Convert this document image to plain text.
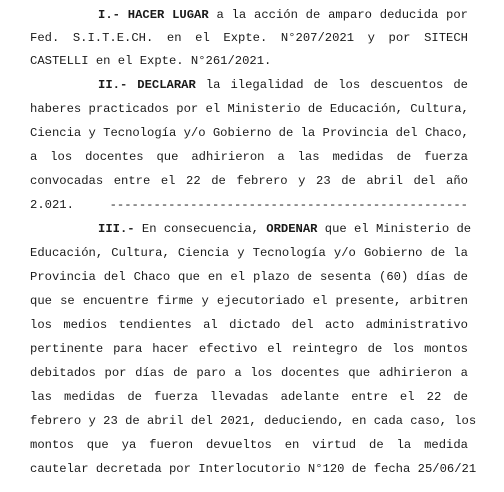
I.- HACER LUGAR a la acción de amparo deducida por
Fed. S.I.T.E.CH. en el Expte. N°207/2021 y por SITECH
CASTELLI en el Expte. N°261/2021.
II.- DECLARAR la ilegalidad de los descuentos de
haberes practicados por el Ministerio de Educación, Cultura,
Ciencia y Tecnología y/o Gobierno de la Provincia del Chaco,
a los docentes que adhirieron a las medidas de fuerza
convocadas entre el 22 de febrero y 23 de abril del año
2.021. -------------------------------------------------
III.- En consecuencia, ORDENAR que el Ministerio de
Educación, Cultura, Ciencia y Tecnología y/o Gobierno de la
Provincia del Chaco que en el plazo de sesenta (60) días de
que se encuentre firme y ejecutoriado el presente, arbitren
los medios tendientes al dictado del acto administrativo
pertinente para hacer efectivo el reintegro de los montos
debitados por días de paro a los docentes que adhirieron a
las medidas de fuerza llevadas adelante entre el 22 de
febrero y 23 de abril del 2021, deduciendo, en cada caso, los
montos que ya fueron devueltos en virtud de la medida
cautelar decretada por Interlocutorio N°120 de fecha 25/06/21
